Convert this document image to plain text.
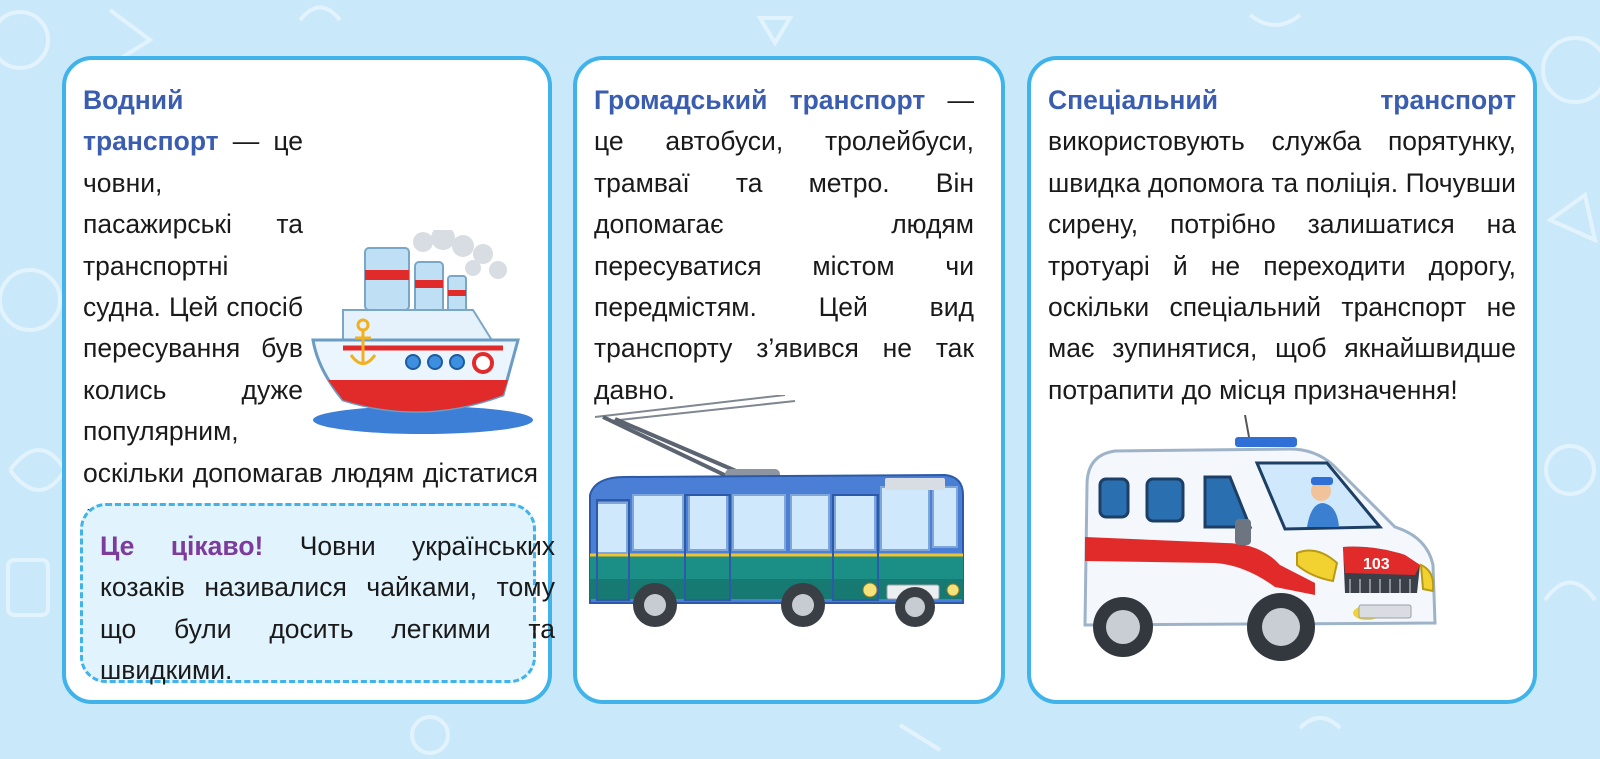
Водний транспорт — це човни, пасажирські та транспортні судна. Цей спосіб пересування був колись дуже популярним, оскільки допомагав людям дістатися

Це цікаво! Човни українських козаків називалися чайками, тому що були досить легкими та швидкими.

Громадський транспорт — це автобуси, тролейбуси, трамваї та метро. Він допомагає людям пересуватися містом чи передмістям. Цей вид транспорту з’явився не так давно.

Спеціальний транспорт використовують служба порятунку, швидка допомога та поліція. Почувши сирену, потрібно залишатися на тротуарі й не переходити дорогу, оскільки спеціальний транспорт не має зупинятися, щоб якнайшвидше потрапити до місця призначення!

103
